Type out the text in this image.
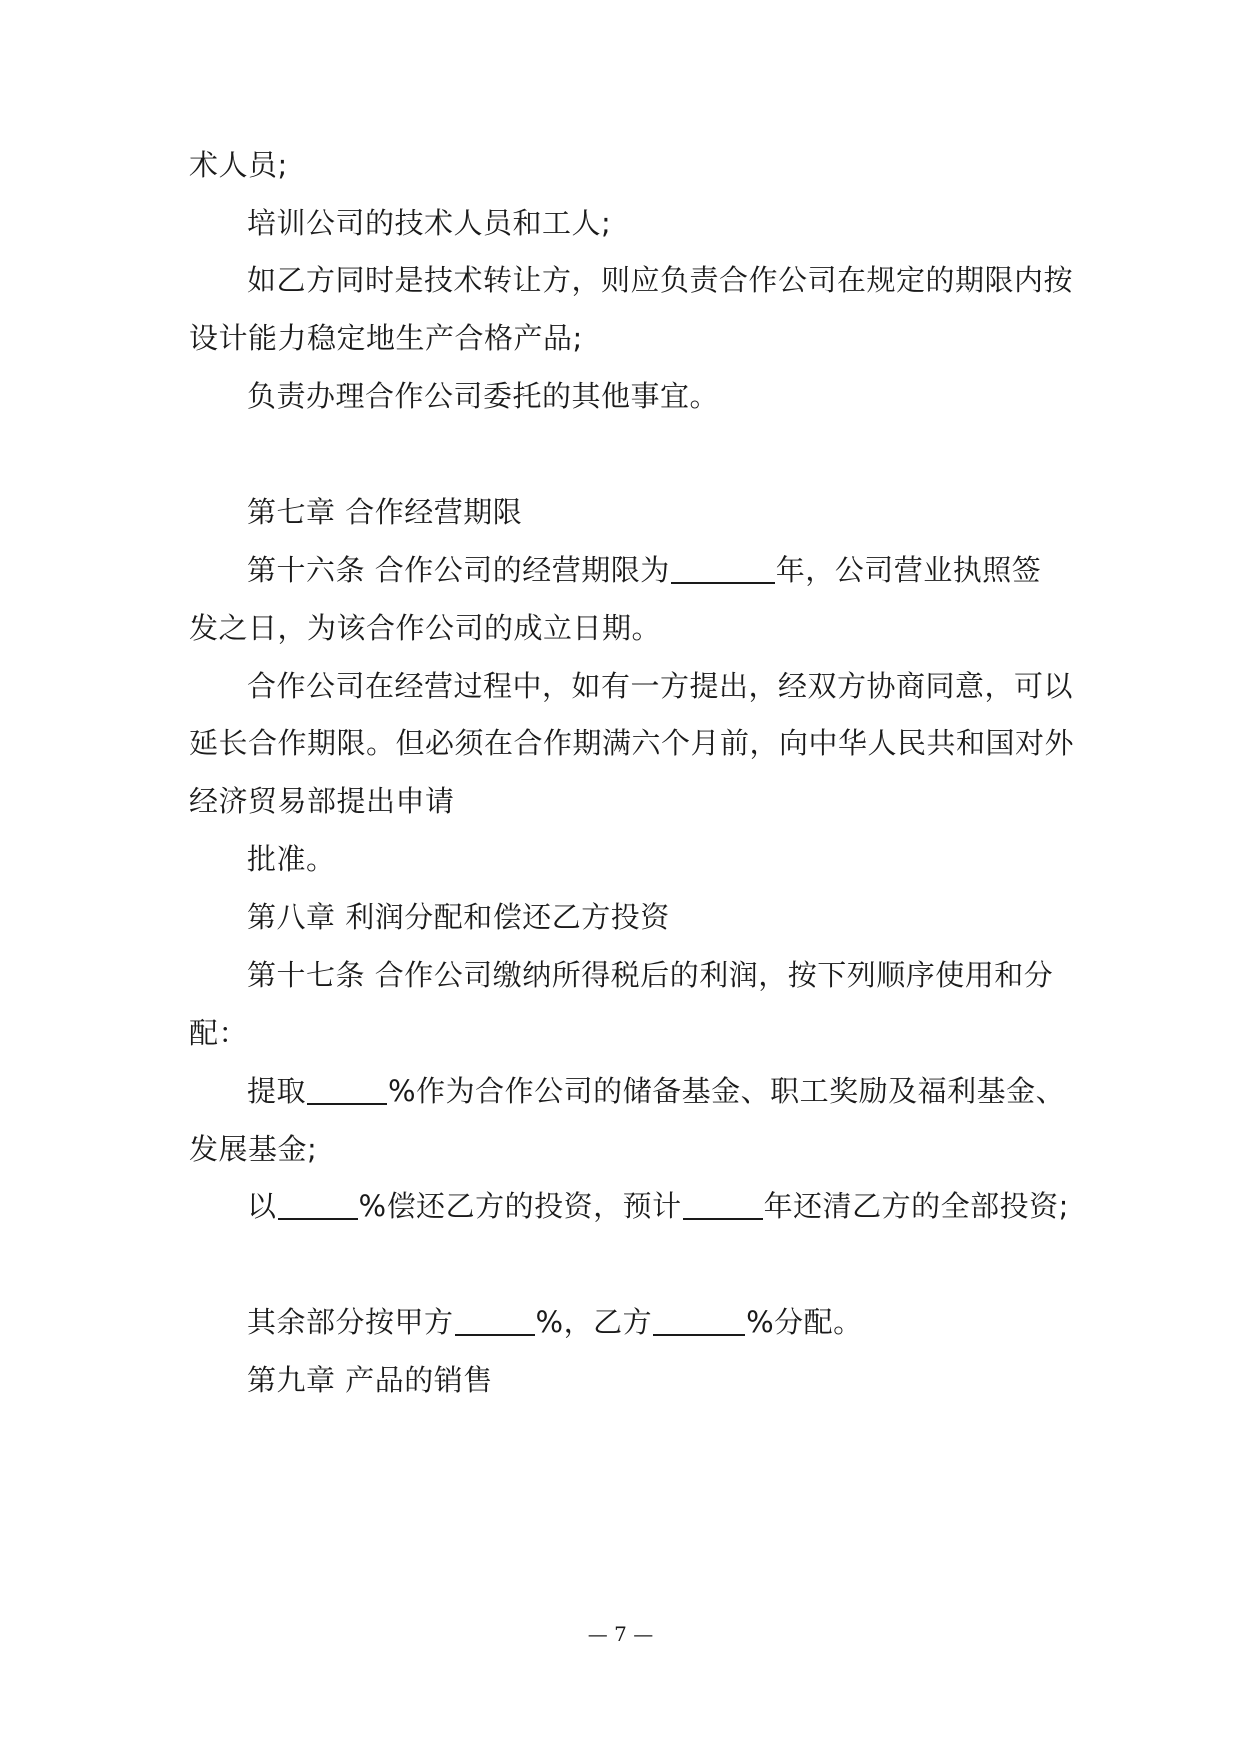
术人员;
培训公司的技术人员和工人;
如乙方同时是技术转让方，则应负责合作公司在规定的期限内按
设计能力稳定地生产合格产品;
负责办理合作公司委托的其他事宜。
第七章 合作经营期限
第十六条 合作公司的经营期限为	年，公司营业执照签
发之日，为该合作公司的成立日期。
合作公司在经营过程中，如有一方提出，经双方协商同意，可以
延长合作期限。但必须在合作期满六个月前，向中华人民共和国对外
经济贸易部提出申请
批准。
第八章 利润分配和偿还乙方投资
第十七条 合作公司缴纳所得税后的利润，按下列顺序使用和分
配：
提取	%作为合作公司的储备基金、职工奖励及福利基金、
发展基金;
以	%偿还乙方的投资，预计	年还清乙方的全部投资;
其余部分按甲方	%，乙方	%分配。
第九章 产品的销售
— 7 —
